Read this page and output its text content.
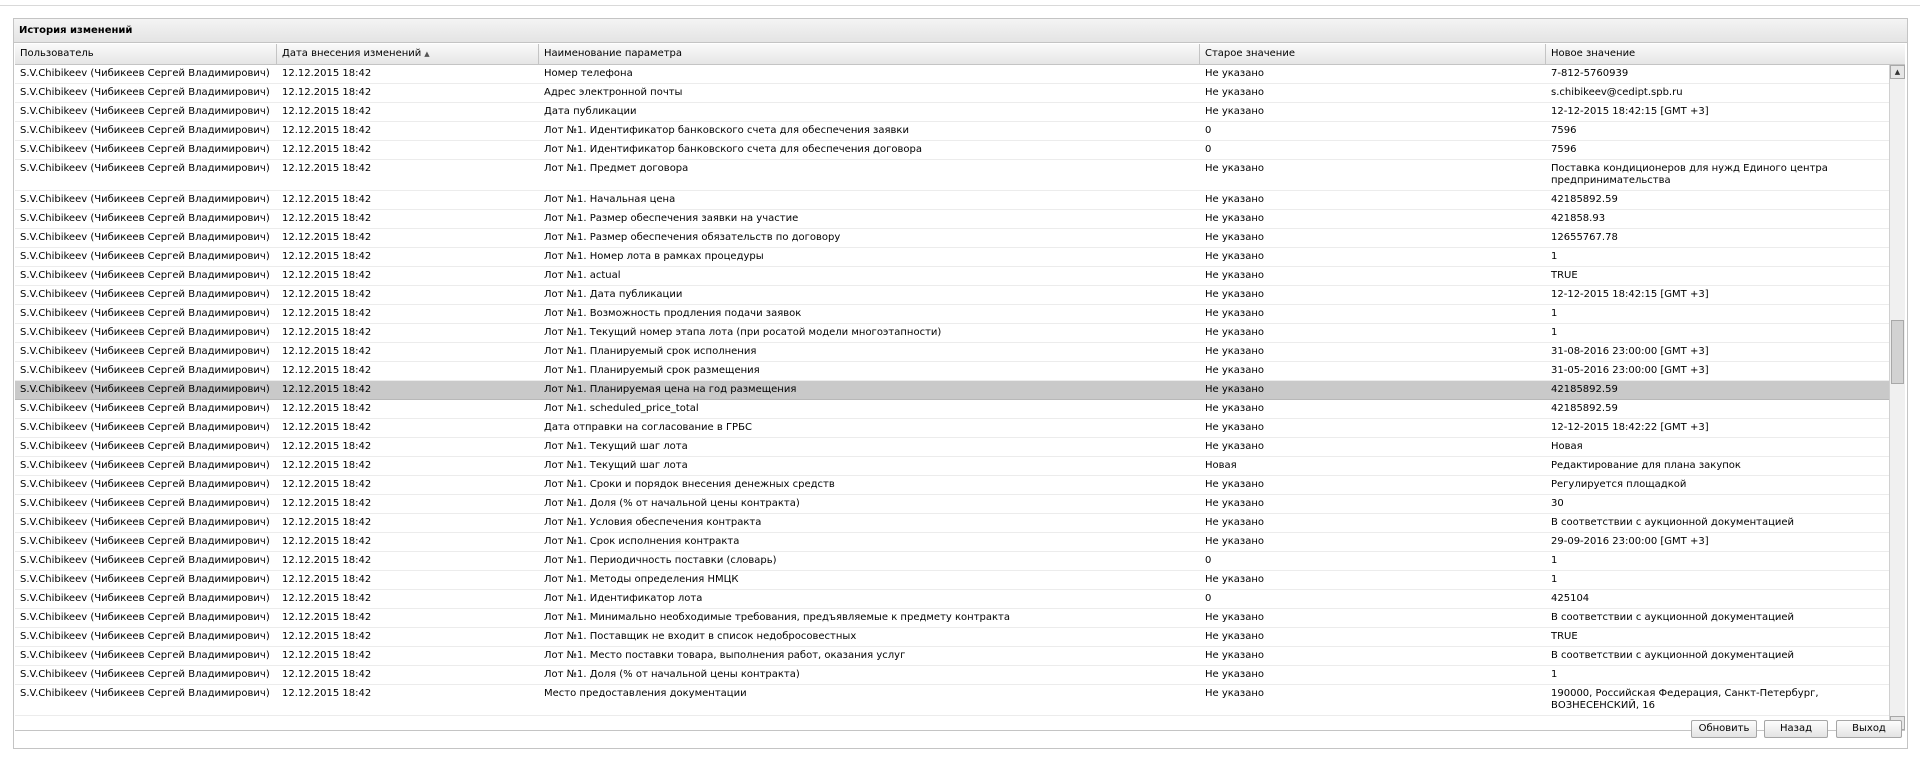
История изменений
Пользователь	Дата внесения изменений ▲	Наименование параметра	Старое значение	Новое значение
S.V.Chibikeev (Чибикеев Сергей Владимирович)	12.12.2015 18:42	Номер телефона	Не указано	7-812-5760939
S.V.Chibikeev (Чибикеев Сергей Владимирович)	12.12.2015 18:42	Адрес электронной почты	Не указано	s.chibikeev@cedipt.spb.ru
S.V.Chibikeev (Чибикеев Сергей Владимирович)	12.12.2015 18:42	Дата публикации	Не указано	12-12-2015 18:42:15 [GMT +3]
S.V.Chibikeev (Чибикеев Сергей Владимирович)	12.12.2015 18:42	Лот №1. Идентификатор банковского счета для обеспечения заявки	0	7596
S.V.Chibikeev (Чибикеев Сергей Владимирович)	12.12.2015 18:42	Лот №1. Идентификатор банковского счета для обеспечения договора	0	7596
S.V.Chibikeev (Чибикеев Сергей Владимирович)	12.12.2015 18:42	Лот №1. Предмет договора	Не указано	Поставка кондиционеров для нужд Единого центра предпринимательства
S.V.Chibikeev (Чибикеев Сергей Владимирович)	12.12.2015 18:42	Лот №1. Начальная цена	Не указано	42185892.59
S.V.Chibikeev (Чибикеев Сергей Владимирович)	12.12.2015 18:42	Лот №1. Размер обеспечения заявки на участие	Не указано	421858.93
S.V.Chibikeev (Чибикеев Сергей Владимирович)	12.12.2015 18:42	Лот №1. Размер обеспечения обязательств по договору	Не указано	12655767.78
S.V.Chibikeev (Чибикеев Сергей Владимирович)	12.12.2015 18:42	Лот №1. Номер лота в рамках процедуры	Не указано	1
S.V.Chibikeev (Чибикеев Сергей Владимирович)	12.12.2015 18:42	Лот №1. actual	Не указано	TRUE
S.V.Chibikeev (Чибикеев Сергей Владимирович)	12.12.2015 18:42	Лот №1. Дата публикации	Не указано	12-12-2015 18:42:15 [GMT +3]
S.V.Chibikeev (Чибикеев Сергей Владимирович)	12.12.2015 18:42	Лот №1. Возможность продления подачи заявок	Не указано	1
S.V.Chibikeev (Чибикеев Сергей Владимирович)	12.12.2015 18:42	Лот №1. Текущий номер этапа лота (при росатой модели многоэтапности)	Не указано	1
S.V.Chibikeev (Чибикеев Сергей Владимирович)	12.12.2015 18:42	Лот №1. Планируемый срок исполнения	Не указано	31-08-2016 23:00:00 [GMT +3]
S.V.Chibikeev (Чибикеев Сергей Владимирович)	12.12.2015 18:42	Лот №1. Планируемый срок размещения	Не указано	31-05-2016 23:00:00 [GMT +3]
S.V.Chibikeev (Чибикеев Сергей Владимирович)	12.12.2015 18:42	Лот №1. Планируемая цена на год размещения	Не указано	42185892.59
S.V.Chibikeev (Чибикеев Сергей Владимирович)	12.12.2015 18:42	Лот №1. scheduled_price_total	Не указано	42185892.59
S.V.Chibikeev (Чибикеев Сергей Владимирович)	12.12.2015 18:42	Дата отправки на согласование в ГРБС	Не указано	12-12-2015 18:42:22 [GMT +3]
S.V.Chibikeev (Чибикеев Сергей Владимирович)	12.12.2015 18:42	Лот №1. Текущий шаг лота	Не указано	Новая
S.V.Chibikeev (Чибикеев Сергей Владимирович)	12.12.2015 18:42	Лот №1. Текущий шаг лота	Новая	Редактирование для плана закупок
S.V.Chibikeev (Чибикеев Сергей Владимирович)	12.12.2015 18:42	Лот №1. Сроки и порядок внесения денежных средств	Не указано	Регулируется площадкой
S.V.Chibikeev (Чибикеев Сергей Владимирович)	12.12.2015 18:42	Лот №1. Доля (% от начальной цены контракта)	Не указано	30
S.V.Chibikeev (Чибикеев Сергей Владимирович)	12.12.2015 18:42	Лот №1. Условия обеспечения контракта	Не указано	В соответствии с аукционной документацией
S.V.Chibikeev (Чибикеев Сергей Владимирович)	12.12.2015 18:42	Лот №1. Срок исполнения контракта	Не указано	29-09-2016 23:00:00 [GMT +3]
S.V.Chibikeev (Чибикеев Сергей Владимирович)	12.12.2015 18:42	Лот №1. Периодичность поставки (словарь)	0	1
S.V.Chibikeev (Чибикеев Сергей Владимирович)	12.12.2015 18:42	Лот №1. Методы определения НМЦК	Не указано	1
S.V.Chibikeev (Чибикеев Сергей Владимирович)	12.12.2015 18:42	Лот №1. Идентификатор лота	0	425104
S.V.Chibikeev (Чибикеев Сергей Владимирович)	12.12.2015 18:42	Лот №1. Минимально необходимые требования, предъявляемые к предмету контракта	Не указано	В соответствии с аукционной документацией
S.V.Chibikeev (Чибикеев Сергей Владимирович)	12.12.2015 18:42	Лот №1. Поставщик не входит в список недобросовестных	Не указано	TRUE
S.V.Chibikeev (Чибикеев Сергей Владимирович)	12.12.2015 18:42	Лот №1. Место поставки товара, выполнения работ, оказания услуг	Не указано	В соответствии с аукционной документацией
S.V.Chibikeev (Чибикеев Сергей Владимирович)	12.12.2015 18:42	Лот №1. Доля (% от начальной цены контракта)	Не указано	1
S.V.Chibikeev (Чибикеев Сергей Владимирович)	12.12.2015 18:42	Место предоставления документации	Не указано	190000, Российская Федерация, Санкт-Петербург, ВОЗНЕСЕНСКИЙ, 16
▲
Обновить	Назад	Выход
